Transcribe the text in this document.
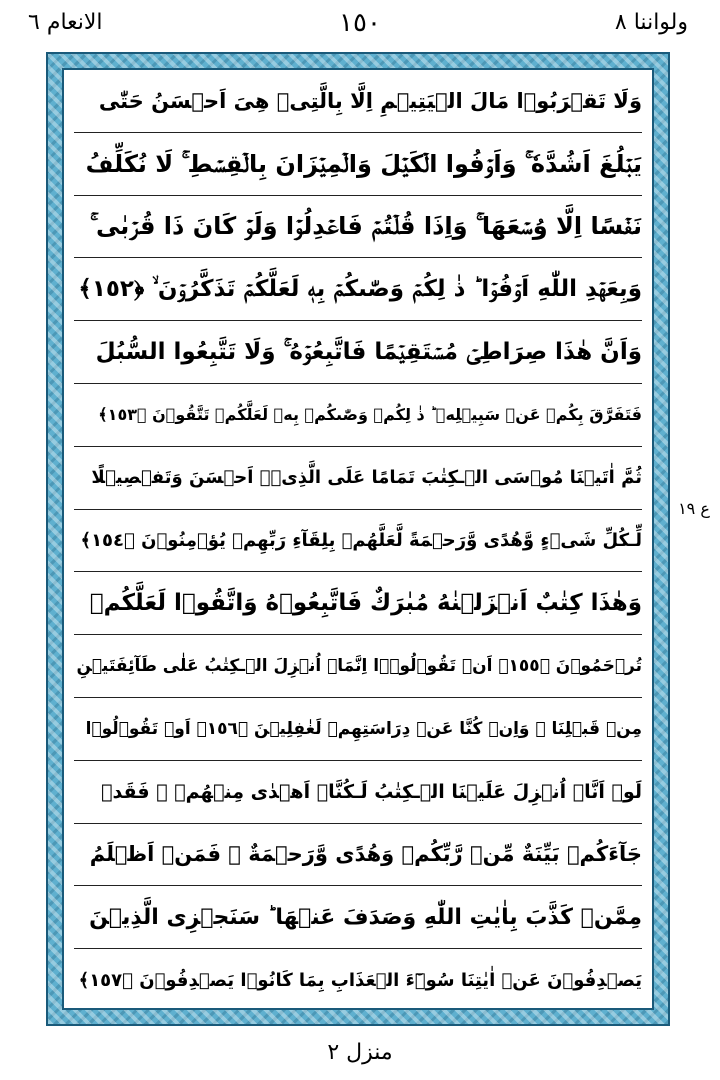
الانعام ٦	١٥٠	ولواننا ٨
وَلَا تَقۡرَبُوۡا مَالَ الۡيَتِيۡمِ اِلَّا بِالَّتِىۡ هِىَ اَحۡسَنُ حَتّٰى
يَبۡلُغَ اَشُدَّهٗ ۚ وَاَوۡفُوا الۡكَيۡلَ وَالۡمِيۡزَانَ بِالۡقِسۡطِ ۚ لَا نُكَلِّفُ
نَفۡسًا اِلَّا وُسۡعَهَا ۚ وَاِذَا قُلۡتُمۡ فَاعۡدِلُوۡا وَلَوۡ كَانَ ذَا قُرۡبٰى ۚ
وَبِعَهۡدِ اللّٰهِ اَوۡفُوۡا ؕ ذٰ لِكُمۡ وَصّٰٮكُمۡ بِهٖ لَعَلَّكُمۡ تَذَكَّرُوۡنَ ۙ ﴿١٥٢﴾
وَاَنَّ هٰذَا صِرَاطِىۡ مُسۡتَقِيۡمًا فَاتَّبِعُوۡهُ ۚ وَلَا تَتَّبِعُوا السُّبُلَ
فَتَفَرَّقَ بِكُمۡ عَنۡ سَبِيۡلِهٖ ؕ ذٰ لِكُمۡ وَصّٰٮكُمۡ بِهٖ لَعَلَّكُمۡ تَتَّقُوۡنَ ﴿١٥٣﴾
ثُمَّ اٰتَيۡنَا مُوۡسَى الۡـكِتٰبَ تَمَامًا عَلَى الَّذِىۡۤ اَحۡسَنَ وَتَفۡصِيۡلًا
لِّـكُلِّ شَىۡءٍ وَّهُدًى وَّرَحۡمَةً لَّعَلَّهُمۡ بِلِقَآءِ رَبِّهِمۡ يُؤۡمِنُوۡنَ ﴿١٥٤﴾
وَهٰذَا كِتٰبٌ اَنۡزَلۡنٰهُ مُبٰرَكٌ فَاتَّبِعُوۡهُ وَاتَّقُوۡا لَعَلَّكُمۡ
تُرۡحَمُوۡنَ ﴿١٥٥﴾ اَنۡ تَقُوۡلُوۡۤا اِنَّمَاۤ اُنۡزِلَ الۡـكِتٰبُ عَلٰى طَآئِفَتَيۡنِ
مِنۡ قَبۡلِنَا ۖ وَاِنۡ كُنَّا عَنۡ دِرَاسَتِهِمۡ لَغٰفِلِيۡنَ ﴿١٥٦﴾ اَوۡ تَقُوۡلُوۡا
لَوۡ اَنَّاۤ اُنۡزِلَ عَلَيۡنَا الۡـكِتٰبُ لَـكُنَّاۤ اَهۡدٰى مِنۡهُمۡ ۚ فَقَدۡ
جَآءَكُمۡ بَيِّنَةٌ مِّنۡ رَّبِّكُمۡ وَهُدًى وَّرَحۡمَةٌ ۚ فَمَنۡ اَظۡلَمُ
مِمَّنۡ كَذَّبَ بِاٰيٰتِ اللّٰهِ وَصَدَفَ عَنۡهَا ؕ سَنَجۡزِى الَّذِيۡنَ
يَصۡدِفُوۡنَ عَنۡ اٰيٰتِنَا سُوۡٓءَ الۡعَذَابِ بِمَا كَانُوۡا يَصۡدِفُوۡنَ ﴿١٥٧﴾
ع ١٩
منزل ٢
